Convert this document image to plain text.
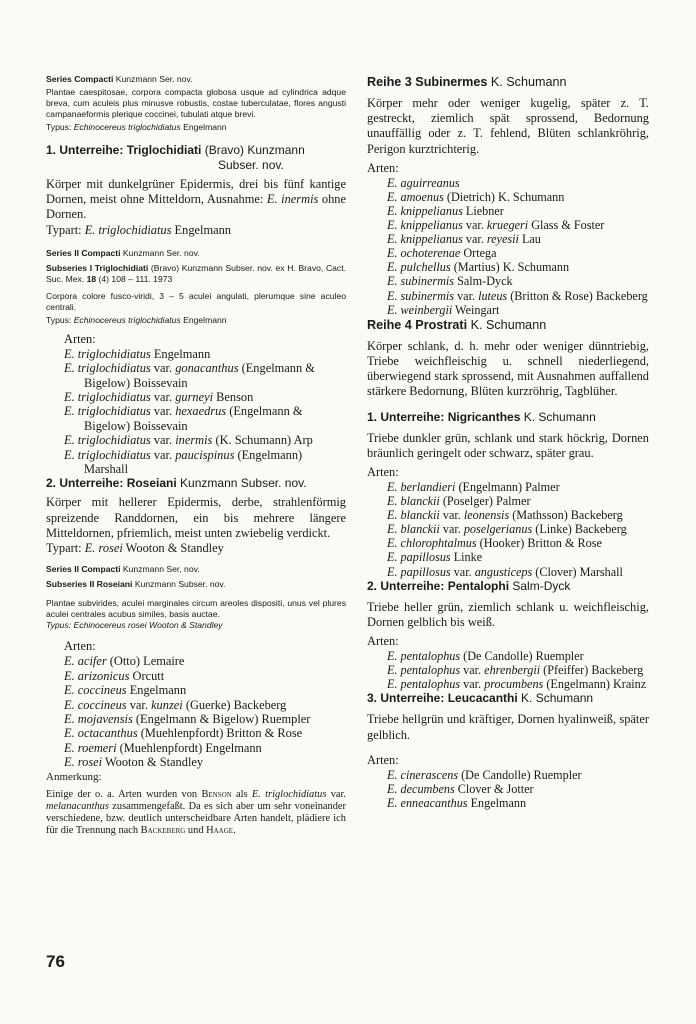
Series Compacti Kunzmann Ser. nov.

Plantae caespitosae, corpora compacta globosa usque ad cylindrica adque breva, cum aculeis plus minusve robustis, costae tuberculatae, flores angusti campanaeformis plerique coccinei, tubulati atque brevi.

Typus: Echinocereus triglochidiatus Engelmann

1. Unterreihe: Triglochidiati (Bravo) Kunzmann
Subser. nov.

Körper mit dunkelgrüner Epidermis, drei bis fünf kantige Dornen, meist ohne Mitteldorn, Ausnahme: E. inermis ohne Dornen.

Typart: E. triglochidiatus Engelmann

Series II Compacti Kunzmann Ser. nov.

Subseries I Triglochidiati (Bravo) Kunzmann Subser. nov. ex H. Bravo, Cact. Suc. Mex. 18 (4) 108 – 111. 1973

Corpora colore fusco-viridi, 3 – 5 aculei angulati, plerumque sine aculeo centrali.

Typus: Echinocereus triglochidiatus Engelmann

Arten:
E. triglochidiatus Engelmann
E. triglochidiatus var. gonacanthus (Engelmann & Bigelow) Boissevain
E. triglochidiatus var. gurneyi Benson
E. triglochidiatus var. hexaedrus (Engelmann & Bigelow) Boissevain
E. triglochidiatus var. inermis (K. Schumann) Arp
E. triglochidiatus var. paucispinus (Engelmann) Marshall
2. Unterreihe: Roseiani Kunzmann Subser. nov.

Körper mit hellerer Epidermis, derbe, strahlenförmig spreizende Randdornen, ein bis mehrere längere Mitteldornen, pfriemlich, meist unten zwiebelig verdickt.

Typart: E. rosei Wooton & Standley

Series II Compacti Kunzmann Ser, nov.
Subseries II Roseiani Kunzmann Subser. nov.

Plantae subvirides, aculei marginales circum areoles dispositi, unus vel plures aculei centrales acubus similes, basis auctae.

Typus: Echinocereus rosei Wooton & Standley

Arten:
E. acifer (Otto) Lemaire
E. arizonicus Orcutt
E. coccineus Engelmann
E. coccineus var. kunzei (Guerke) Backeberg
E. mojavensis (Engelmann & Bigelow) Ruempler
E. octacanthus (Muehlenpfordt) Britton & Rose
E. roemeri (Muehlenpfordt) Engelmann
E. rosei Wooton & Standley
Anmerkung:

Einige der o. a. Arten wurden von Benson als E. triglochidiatus var. melanacanthus zusammengefaßt. Da es sich aber um sehr voneinander verschiedene, bzw. deutlich unterscheidbare Arten handelt, plädiere ich für die Trennung nach Backeberg und Haage.

Reihe 3 Subinermes K. Schumann

Körper mehr oder weniger kugelig, später z. T. gestreckt, ziemlich spät sprossend, Bedornung unauffällig oder z. T. fehlend, Blüten schlankröhrig, Perigon kurztrichterig.

Arten:
E. aguirreanus
E. amoenus (Dietrich) K. Schumann
E. knippelianus Liebner
E. knippelianus var. kruegeri Glass & Foster
E. knippelianus var. reyesii Lau
E. ochoterenae Ortega
E. pulchellus (Martius) K. Schumann
E. subinermis Salm-Dyck
E. subinermis var. luteus (Britton & Rose) Backeberg
E. weinbergii Weingart
Reihe 4 Prostrati K. Schumann

Körper schlank, d. h. mehr oder weniger dünntriebig, Triebe weichfleischig u. schnell niederliegend, überwiegend stark sprossend, mit Ausnahmen auffallend stärkere Bedornung, Blüten kurzröhrig, Tagblüher.

1. Unterreihe: Nigricanthes K. Schumann

Triebe dunkler grün, schlank und stark höckrig, Dornen bräunlich geringelt oder schwarz, später grau.

Arten:
E. berlandieri (Engelmann) Palmer
E. blanckii (Poselger) Palmer
E. blanckii var. leonensis (Mathsson) Backeberg
E. blanckii var. poselgerianus (Linke) Backeberg
E. chlorophtalmus (Hooker) Britton & Rose
E. papillosus Linke
E. papillosus var. angusticeps (Clover) Marshall
2. Unterreihe: Pentalophi Salm-Dyck

Triebe heller grün, ziemlich schlank u. weichfleischig, Dornen gelblich bis weiß.

Arten:
E. pentalophus (De Candolle) Ruempler
E. pentalophus var. ehrenbergii (Pfeiffer) Backeberg
E. pentalophus var. procumbens (Engelmann) Krainz
3. Unterreihe: Leucacanthi K. Schumann

Triebe hellgrün und kräftiger, Dornen hyalinweiß, später gelblich.

Arten:
E. cinerascens (De Candolle) Ruempler
E. decumbens Clover & Jotter
E. enneacanthus Engelmann
76
